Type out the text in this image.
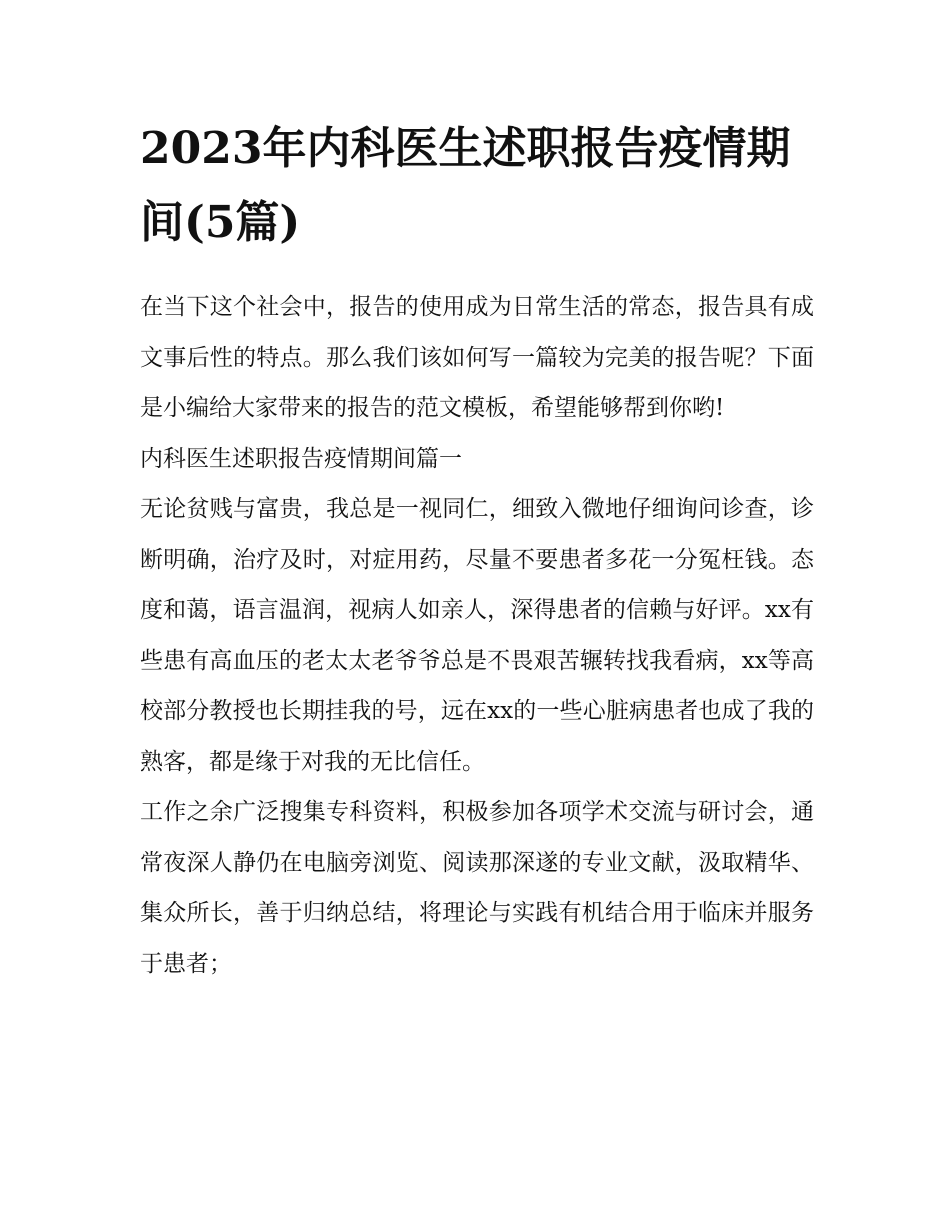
2023年内科医生述职报告疫情期间(5篇)

在当下这个社会中，报告的使用成为日常生活的常态，报告具有成文事后性的特点。那么我们该如何写一篇较为完美的报告呢？下面是小编给大家带来的报告的范文模板，希望能够帮到你哟!

内科医生述职报告疫情期间篇一

无论贫贱与富贵，我总是一视同仁，细致入微地仔细询问诊查，诊断明确，治疗及时，对症用药，尽量不要患者多花一分冤枉钱。态度和蔼，语言温润，视病人如亲人，深得患者的信赖与好评。xx有些患有高血压的老太太老爷爷总是不畏艰苦辗转找我看病，xx等高校部分教授也长期挂我的号，远在xx的一些心脏病患者也成了我的熟客，都是缘于对我的无比信任。

工作之余广泛搜集专科资料，积极参加各项学术交流与研讨会，通常夜深人静仍在电脑旁浏览、阅读那深遂的专业文献，汲取精华、集众所长，善于归纳总结，将理论与实践有机结合用于临床并服务于患者；
